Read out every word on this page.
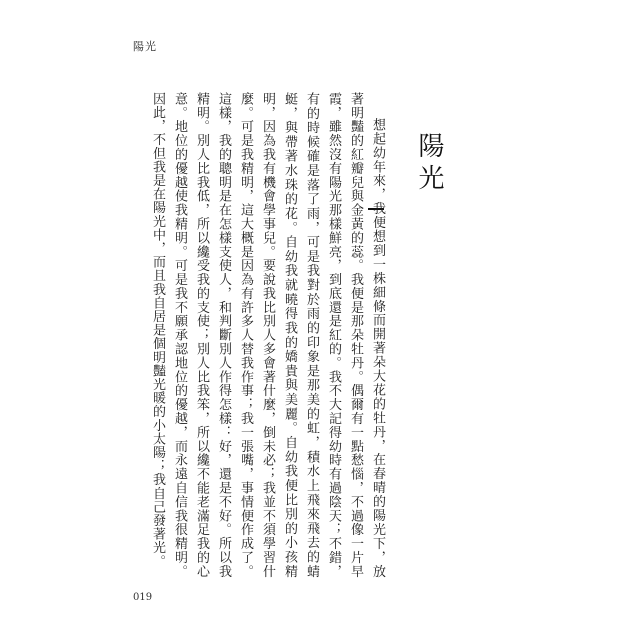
陽光
陽光

想起幼年來，我便想到一株細條而開著朵大花的牡丹，在春晴的陽光下，放著明豔的紅瓣兒與金黃的蕊。我便是那朵牡丹。偶爾有一點愁惱，不過像一片早霞，雖然沒有陽光那樣鮮亮，到底還是紅的。我不大記得幼時有過陰天；不錯，有的時候確是落了雨，可是我對於雨的印象是那美的虹，積水上飛來飛去的蜻蜓，與帶著水珠的花。自幼我就曉得我的嬌貴與美麗。自幼我便比別的小孩精明，因為我有機會學事兒。要說我比別人多會著什麼，倒未必；我並不須學習什麼。可是我精明，這大概是因為有許多人替我作事；我一張嘴，事情便作成了。這樣，我的聰明是在怎樣支使人，和判斷別人作得怎樣：好，還是不好。所以我精明。別人比我低，所以纔受我的支使；別人比我笨，所以纔不能老滿足我的心意。地位的優越使我精明。可是我不願承認地位的優越，而永遠自信我很精明。因此，不但我是在陽光中，而且我自居是個明豔光暖的小太陽；我自己發著光。

019
